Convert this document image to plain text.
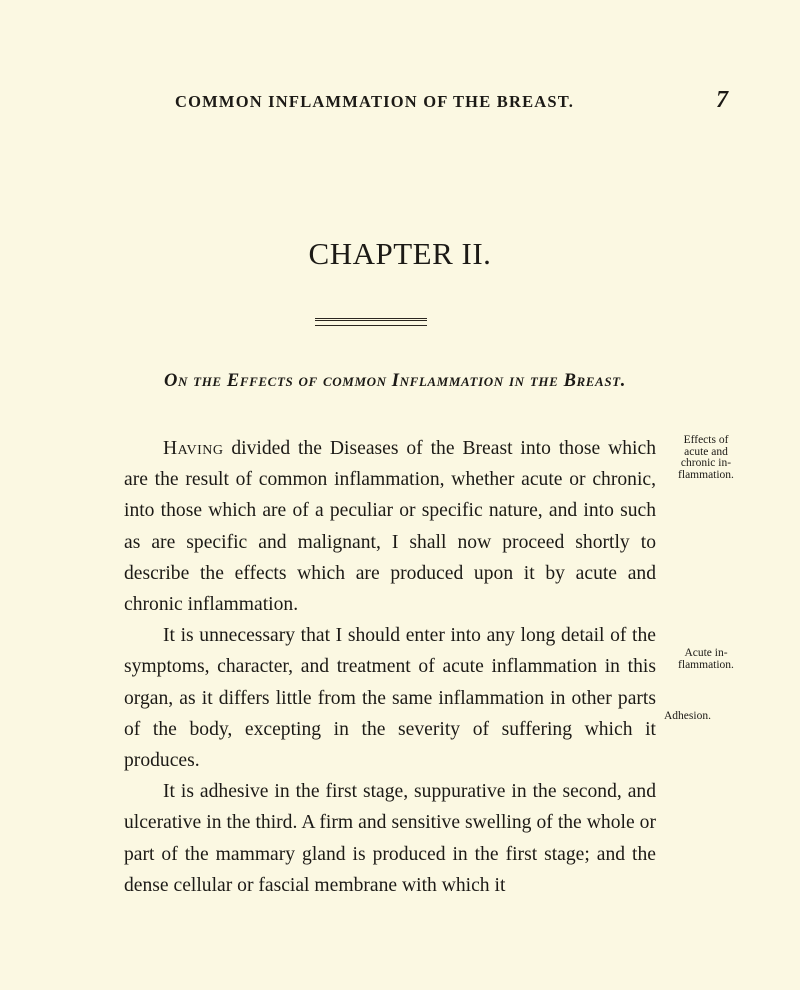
COMMON INFLAMMATION OF THE BREAST.	7
CHAPTER II.
On the Effects of common Inflammation in the Breast.

Having divided the Diseases of the Breast into those which are the result of common inflammation, whether acute or chronic, into those which are of a peculiar or specific nature, and into such as are specific and malignant, I shall now proceed shortly to describe the effects which are produced upon it by acute and chronic inflammation.

It is unnecessary that I should enter into any long detail of the symptoms, character, and treatment of acute inflammation in this organ, as it differs little from the same inflammation in other parts of the body, excepting in the severity of suffering which it produces.

It is adhesive in the first stage, suppurative in the second, and ulcerative in the third. A firm and sensitive swelling of the whole or part of the mammary gland is produced in the first stage; and the dense cellular or fascial membrane with which it

Effects of
acute and
chronic in-
flammation.
Acute in-
flammation.
Adhesion.
